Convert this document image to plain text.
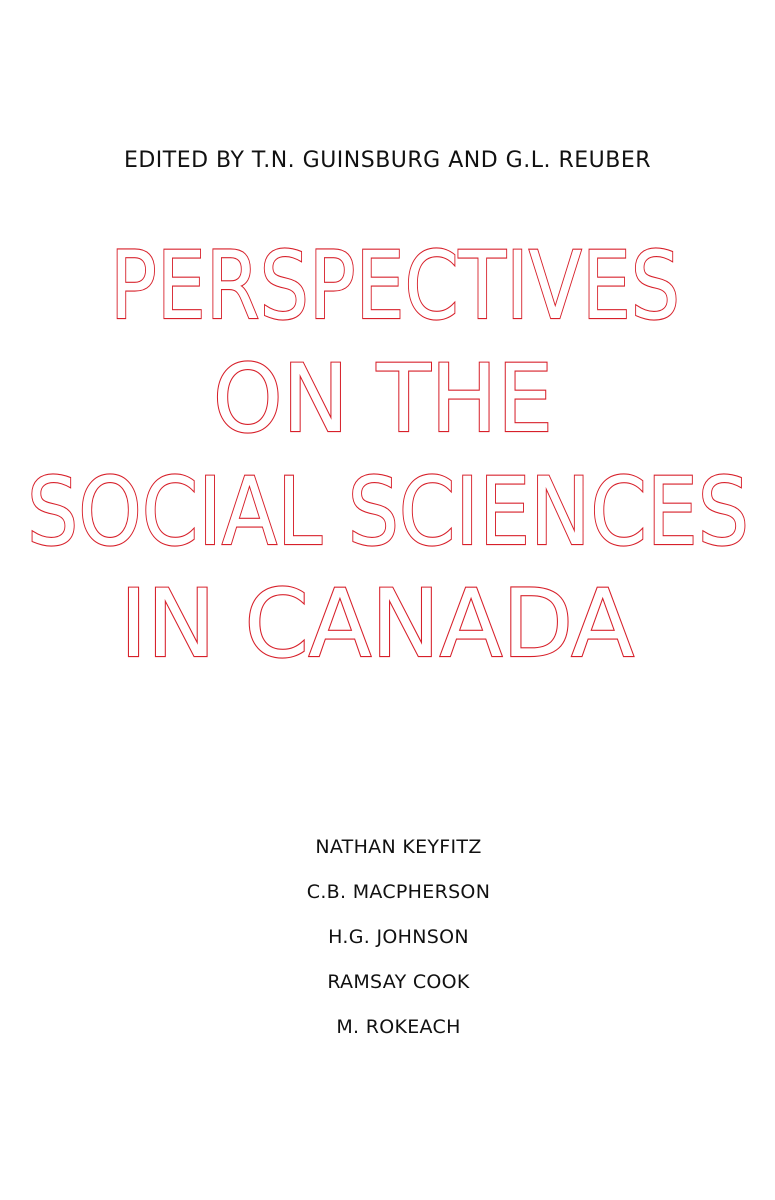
EDITED BY T.N. GUINSBURG AND G.L. REUBER
PERSPECTIVES
ON THE
SOCIAL SCIENCES
IN CANADA
NATHAN KEYFITZ
C.B. MACPHERSON
H.G. JOHNSON
RAMSAY COOK
M. ROKEACH
